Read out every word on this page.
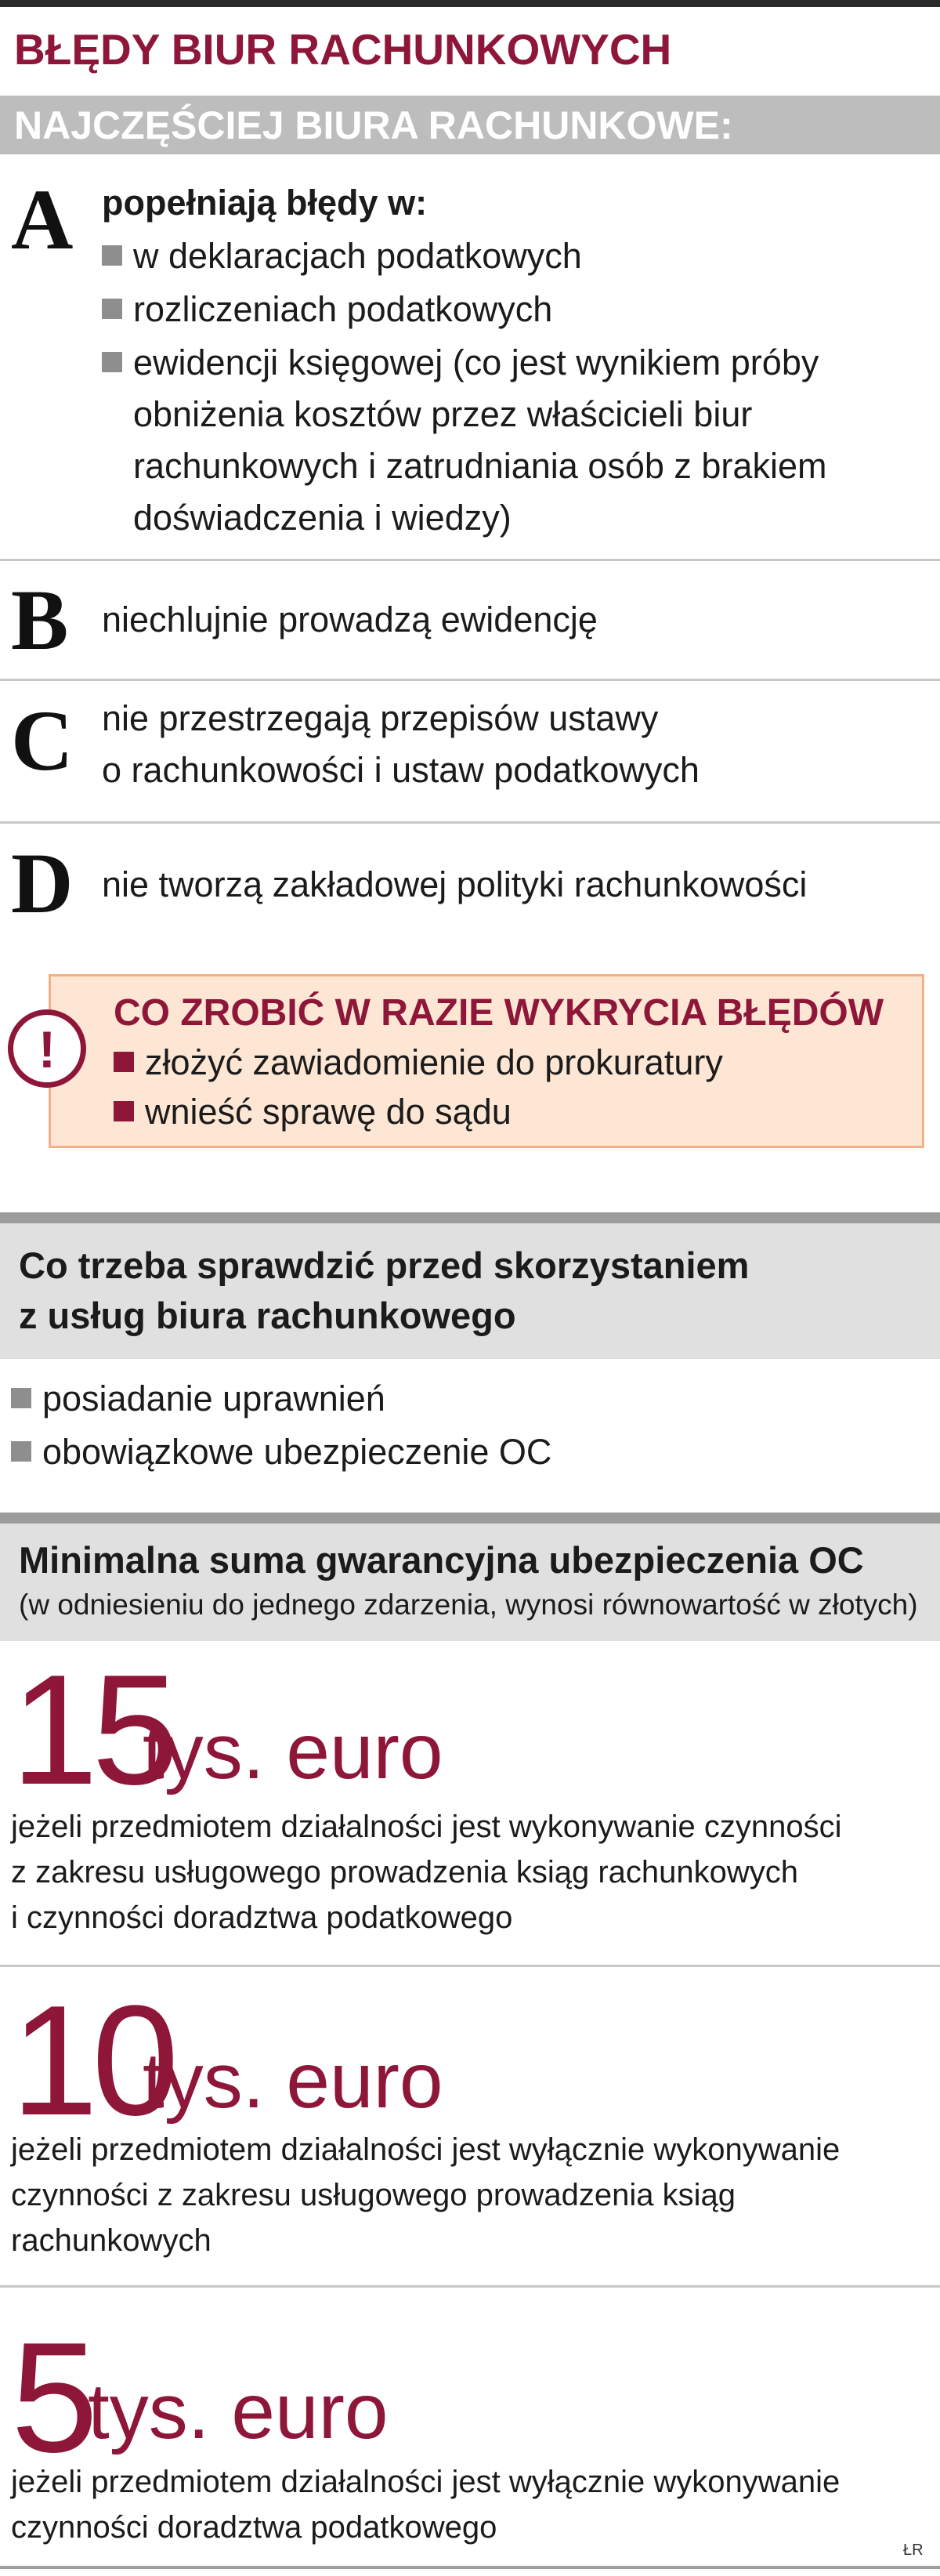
BŁĘDY BIUR RACHUNKOWYCH
NAJCZĘŚCIEJ BIURA RACHUNKOWE:
A popełniają błędy w:
w deklaracjach podatkowych
rozliczeniach podatkowych
ewidencji księgowej (co jest wynikiem próby
obniżenia kosztów przez właścicieli biur
rachunkowych i zatrudniania osób z brakiem
doświadczenia i wiedzy)
B niechlujnie prowadzą ewidencję
C nie przestrzegają przepisów ustawy
o rachunkowości i ustaw podatkowych
D nie tworzą zakładowej polityki rachunkowości
!
CO ZROBIĆ W RAZIE WYKRYCIA BŁĘDÓW
złożyć zawiadomienie do prokuratury
wnieść sprawę do sądu
Co trzeba sprawdzić przed skorzystaniem
z usług biura rachunkowego
posiadanie uprawnień
obowiązkowe ubezpieczenie OC
Minimalna suma gwarancyjna ubezpieczenia OC
(w odniesieniu do jednego zdarzenia, wynosi równowartość w złotych)
15
tys. euro
jeżeli przedmiotem działalności jest wykonywanie czynności
z zakresu usługowego prowadzenia ksiąg rachunkowych
i czynności doradztwa podatkowego
10
tys. euro
jeżeli przedmiotem działalności jest wyłącznie wykonywanie
czynności z zakresu usługowego prowadzenia ksiąg
rachunkowych
5
tys. euro
jeżeli przedmiotem działalności jest wyłącznie wykonywanie
czynności doradztwa podatkowego
ŁR
